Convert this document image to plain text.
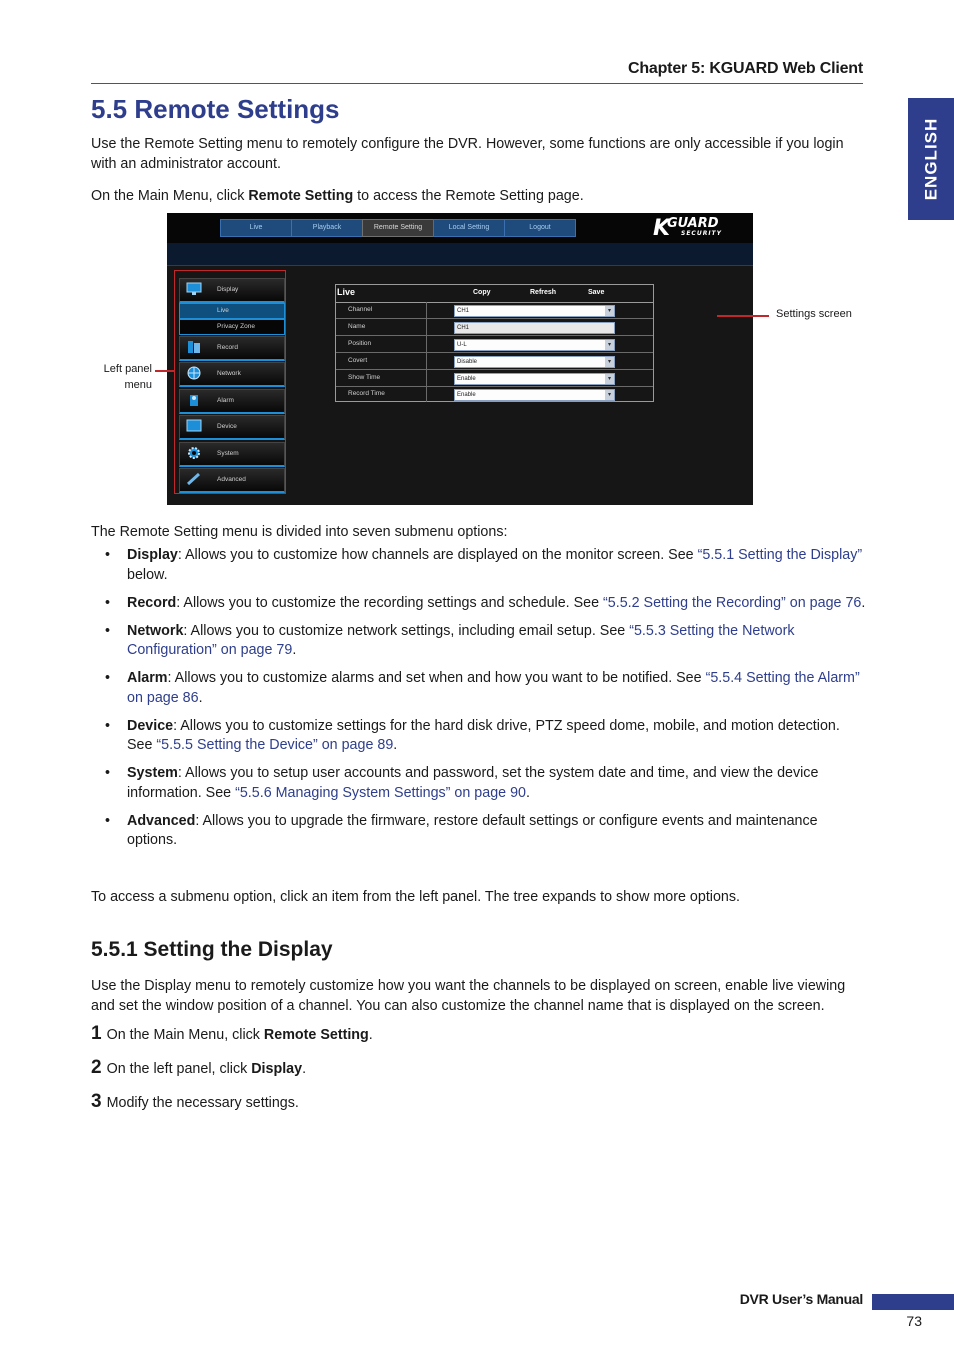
Chapter 5: KGUARD Web Client
ENGLISH
5.5 Remote Settings
Use the Remote Setting menu to remotely configure the DVR. However, some functions are only accessible if you login with an administrator account.
On the Main Menu, click Remote Setting to access the Remote Setting page.
Live	Playback	Remote Setting	Local Setting	Logout	K
GUARD
SECURITY
Display
Live
Privacy Zone
Record
Network
Alarm
Device
System
Advanced
Live	Copy	Refresh	Save
Channel	CH1	▾
Name	CH1
Position	U-L	▾
Covert	Disable	▾
Show Time	Enable	▾
Record Time	Enable	▾
Left panel menu
Settings screen
The Remote Setting menu is divided into seven submenu options:
• Display: Allows you to customize how channels are displayed on the monitor screen. See “5.5.1 Setting the Display” below.
• Record: Allows you to customize the recording settings and schedule. See “5.5.2 Setting the Recording” on page 76.
• Network: Allows you to customize network settings, including email setup. See “5.5.3 Setting the Network Configuration” on page 79.
• Alarm: Allows you to customize alarms and set when and how you want to be notified. See “5.5.4 Setting the Alarm” on page 86.
• Device: Allows you to customize settings for the hard disk drive, PTZ speed dome, mobile, and motion detection. See “5.5.5 Setting the Device” on page 89.
• System: Allows you to setup user accounts and password, set the system date and time, and view the device information. See “5.5.6 Managing System Settings” on page 90.
• Advanced: Allows you to upgrade the firmware, restore default settings or configure events and maintenance options.
To access a submenu option, click an item from the left panel. The tree expands to show more options.
5.5.1 Setting the Display
Use the Display menu to remotely customize how you want the channels to be displayed on screen, enable live viewing and set the window position of a channel. You can also customize the channel name that is displayed on the screen.
1 On the Main Menu, click Remote Setting.
2 On the left panel, click Display.
3 Modify the necessary settings.
DVR User’s Manual
73
